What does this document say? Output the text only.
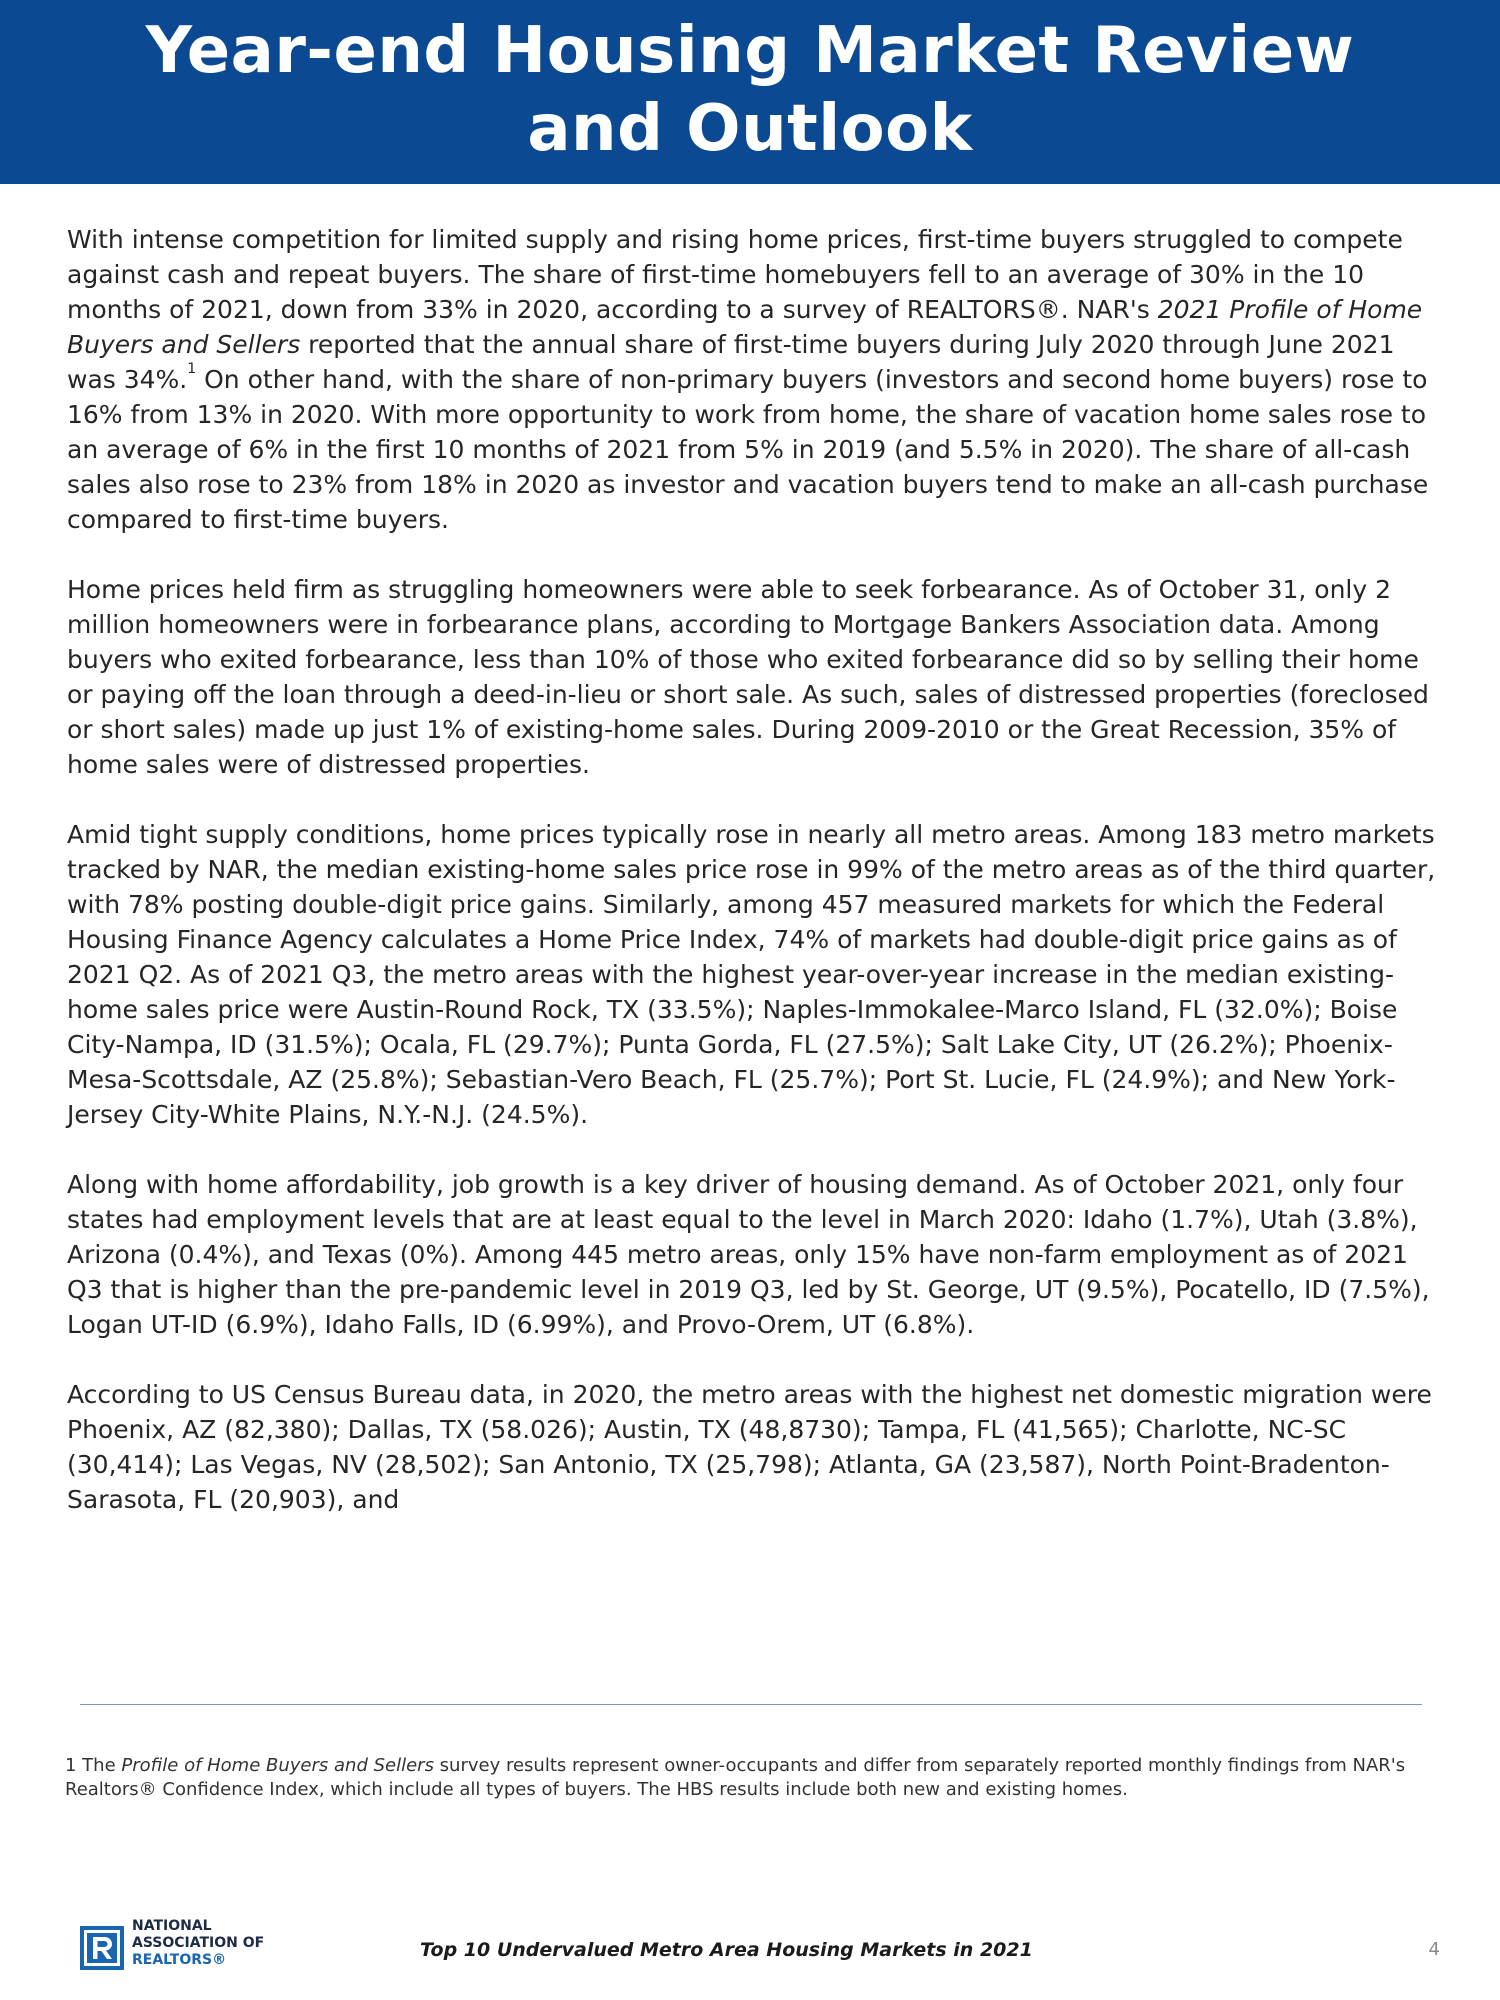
Year-end Housing Market Review
and Outlook

With intense competition for limited supply and rising home prices, first-time buyers struggled to compete against cash and repeat buyers. The share of first-time homebuyers fell to an average of 30% in the 10 months of 2021, down from 33% in 2020, according to a survey of REALTORS®. NAR's 2021 Profile of Home Buyers and Sellers reported that the annual share of first-time buyers during July 2020 through June 2021 was 34%.$^1$ On other hand, with the share of non-primary buyers (investors and second home buyers) rose to 16% from 13% in 2020. With more opportunity to work from home, the share of vacation home sales rose to an average of 6% in the first 10 months of 2021 from 5% in 2019 (and 5.5% in 2020). The share of all-cash sales also rose to 23% from 18% in 2020 as investor and vacation buyers tend to make an all-cash purchase compared to first-time buyers.

Home prices held firm as struggling homeowners were able to seek forbearance. As of October 31, only 2 million homeowners were in forbearance plans, according to Mortgage Bankers Association data. Among buyers who exited forbearance, less than 10% of those who exited forbearance did so by selling their home or paying off the loan through a deed-in-lieu or short sale. As such, sales of distressed properties (foreclosed or short sales) made up just 1% of existing-home sales. During 2009-2010 or the Great Recession, 35% of home sales were of distressed properties.

Amid tight supply conditions, home prices typically rose in nearly all metro areas. Among 183 metro markets tracked by NAR, the median existing-home sales price rose in 99% of the metro areas as of the third quarter, with 78% posting double-digit price gains. Similarly, among 457 measured markets for which the Federal Housing Finance Agency calculates a Home Price Index, 74% of markets had double-digit price gains as of 2021 Q2. As of 2021 Q3, the metro areas with the highest year-over-year increase in the median existing-home sales price were Austin-Round Rock, TX (33.5%); Naples-Immokalee-Marco Island, FL (32.0%); Boise City-Nampa, ID (31.5%); Ocala, FL (29.7%); Punta Gorda, FL (27.5%); Salt Lake City, UT (26.2%); Phoenix-Mesa-Scottsdale, AZ (25.8%); Sebastian-Vero Beach, FL (25.7%); Port St. Lucie, FL (24.9%); and New York-Jersey City-White Plains, N.Y.-N.J. (24.5%).

Along with home affordability, job growth is a key driver of housing demand. As of October 2021, only four states had employment levels that are at least equal to the level in March 2020: Idaho (1.7%), Utah (3.8%), Arizona (0.4%), and Texas (0%). Among 445 metro areas, only 15% have non-farm employment as of 2021 Q3 that is higher than the pre-pandemic level in 2019 Q3, led by St. George, UT (9.5%), Pocatello, ID (7.5%), Logan UT-ID (6.9%), Idaho Falls, ID (6.99%), and Provo-Orem, UT (6.8%).

According to US Census Bureau data, in 2020, the metro areas with the highest net domestic migration were Phoenix, AZ (82,380); Dallas, TX (58.026); Austin, TX (48,8730); Tampa, FL (41,565); Charlotte, NC-SC (30,414); Las Vegas, NV (28,502); San Antonio, TX (25,798); Atlanta, GA (23,587), North Point-Bradenton-Sarasota, FL (20,903), and

1 The Profile of Home Buyers and Sellers survey results represent owner-occupants and differ from separately reported monthly findings from NAR's Realtors® Confidence Index, which include all types of buyers. The HBS results include both new and existing homes.
NATIONAL
ASSOCIATION OF
REALTORS®	Top 10 Undervalued Metro Area Housing Markets in 2021	4
